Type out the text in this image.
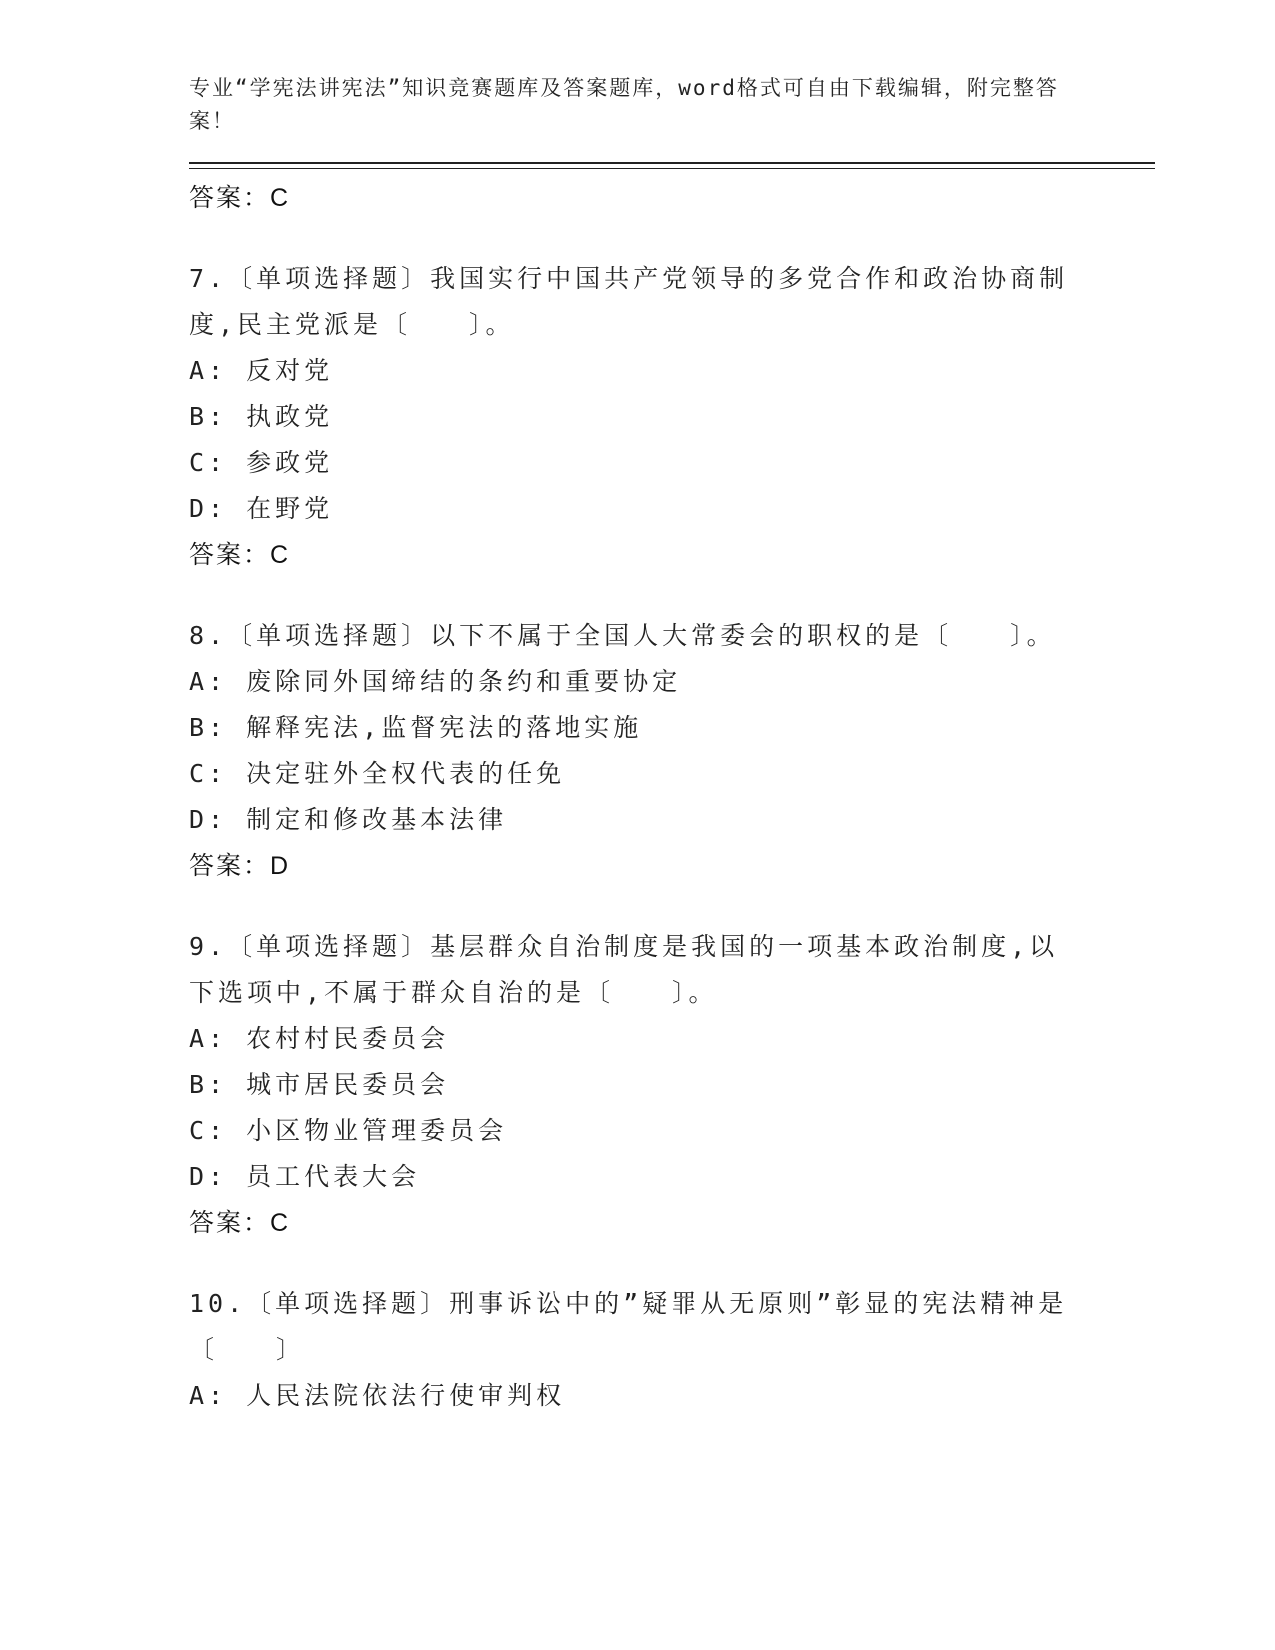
专业“学宪法讲宪法”知识竞赛题库及答案题库，word格式可自由下载编辑，附完整答案！
答案：C
7.〔单项选择题〕我国实行中国共产党领导的多党合作和政治协商制度,民主党派是〔　　〕。
A: 反对党
B: 执政党
C: 参政党
D: 在野党
答案：C
8.〔单项选择题〕以下不属于全国人大常委会的职权的是〔　　〕。
A: 废除同外国缔结的条约和重要协定
B: 解释宪法,监督宪法的落地实施
C: 决定驻外全权代表的任免
D: 制定和修改基本法律
答案：D
9.〔单项选择题〕基层群众自治制度是我国的一项基本政治制度,以下选项中,不属于群众自治的是〔　　〕。
A: 农村村民委员会
B: 城市居民委员会
C: 小区物业管理委员会
D: 员工代表大会
答案：C
10.〔单项选择题〕刑事诉讼中的”疑罪从无原则”彰显的宪法精神是〔　　〕
A: 人民法院依法行使审判权
